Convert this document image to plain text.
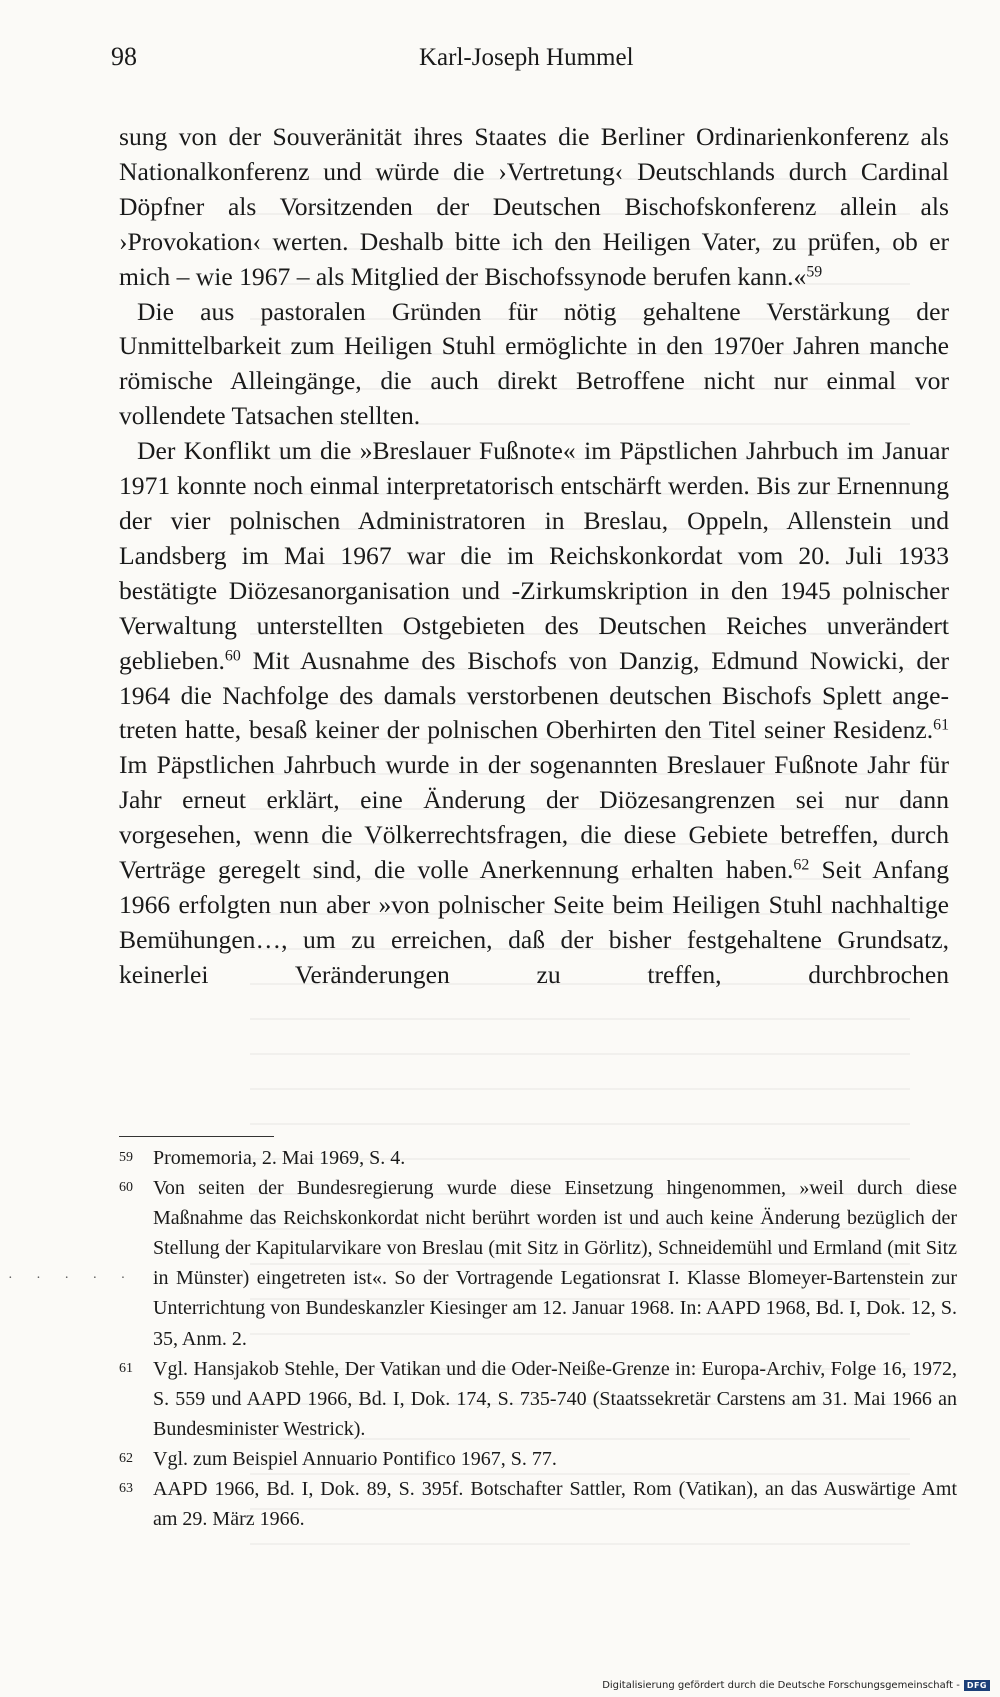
98	Karl-Joseph Hummel

sung von der Souveränität ihres Staates die Berliner Ordinarienkonferenz als Nationalkonferenz und würde die ›Vertretung‹ Deutschlands durch Cardinal Döpfner als Vorsitzenden der Deutschen Bischofskonferenz allein als ›Provokation‹ werten. Deshalb bitte ich den Heiligen Vater, zu prüfen, ob er mich – wie 1967 – als Mitglied der Bischofssynode berufen kann.«$^{59}$

Die aus pastoralen Gründen für nötig gehaltene Verstärkung der Unmittelbarkeit zum Heiligen Stuhl ermöglichte in den 1970er Jahren manche römische Alleingänge, die auch direkt Betroffene nicht nur einmal vor vollendete Tatsachen stellten.

Der Konflikt um die »Breslauer Fußnote« im Päpstlichen Jahrbuch im Januar 1971 konnte noch einmal interpretatorisch entschärft werden. Bis zur Ernennung der vier polnischen Administratoren in Breslau, Oppeln, Allenstein und Landsberg im Mai 1967 war die im Reichskonkordat vom 20. Juli 1933 bestätigte Diözesanorganisation und -Zirkumskription in den 1945 polnischer Verwaltung unterstellten Ostgebieten des Deutschen Reiches unverändert geblieben.$^{60}$ Mit Ausnahme des Bischofs von Danzig, Edmund Nowicki, der 1964 die Nachfolge des damals verstorbenen deutschen Bischofs Splett angetreten hatte, besaß keiner der polnischen Oberhirten den Titel seiner Residenz.$^{61}$ Im Päpstlichen Jahrbuch wurde in der sogenannten Breslauer Fußnote Jahr für Jahr erneut erklärt, eine Änderung der Diözesangrenzen sei nur dann vorgesehen, wenn die Völkerrechtsfragen, die diese Gebiete betreffen, durch Verträge geregelt sind, die volle Anerkennung erhalten haben.$^{62}$ Seit Anfang 1966 erfolgten nun aber »von polnischer Seite beim Heiligen Stuhl nachhaltige Bemühungen…, um zu erreichen, daß der bisher festgehaltene Grundsatz, keinerlei Veränderungen zu treffen, durchbrochen

59	Promemoria, 2. Mai 1969, S. 4.
60	Von seiten der Bundesregierung wurde diese Einsetzung hingenommen, »weil durch diese Maßnahme das Reichskonkordat nicht berührt worden ist und auch keine Änderung bezüglich der Stellung der Kapitularvikare von Breslau (mit Sitz in Görlitz), Schneidemühl und Ermland (mit Sitz in Münster) eingetreten ist«. So der Vortragende Legationsrat I. Klasse Blomeyer-Bartenstein zur Unterrichtung von Bundeskanzler Kiesinger am 12. Januar 1968. In: AAPD 1968, Bd. I, Dok. 12, S. 35, Anm. 2.
61	Vgl. Hansjakob Stehle, Der Vatikan und die Oder-Neiße-Grenze in: Europa-Archiv, Folge 16, 1972, S. 559 und AAPD 1966, Bd. I, Dok. 174, S. 735-740 (Staatssekretär Carstens am 31. Mai 1966 an Bundesminister Westrick).
62	Vgl. zum Beispiel Annuario Pontifico 1967, S. 77.
63	AAPD 1966, Bd. I, Dok. 89, S. 395f. Botschafter Sattler, Rom (Vatikan), an das Auswärtige Amt am 29. März 1966.
· · · · ·
Digitalisierung gefördert durch die Deutsche Forschungsgemeinschaft - DFG
